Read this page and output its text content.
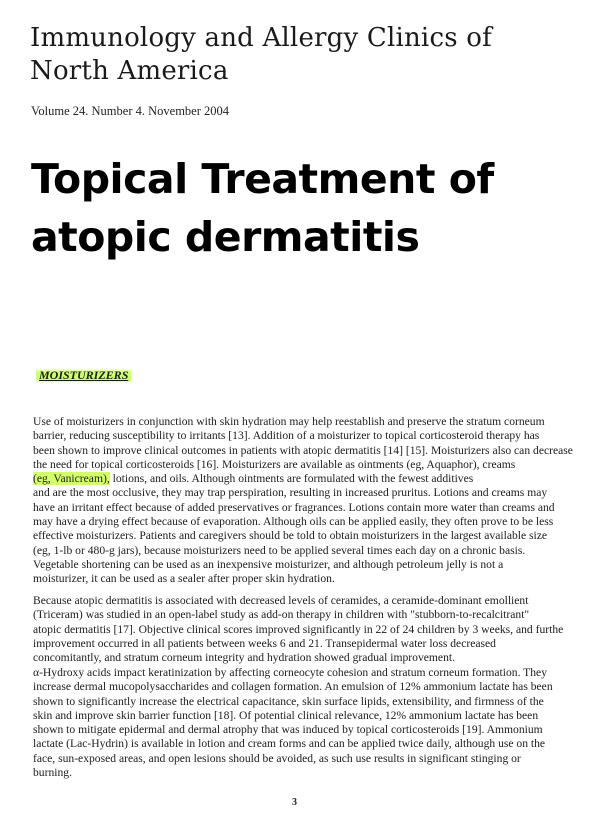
Immunology and Allergy Clinics of
North America
Volume 24. Number 4. November 2004
Topical Treatment of
atopic dermatitis
MOISTURIZERS
Use of moisturizers in conjunction with skin hydration may help reestablish and preserve the stratum corneum
barrier, reducing susceptibility to irritants [13]. Addition of a moisturizer to topical corticosteroid therapy has
been shown to improve clinical outcomes in patients with atopic dermatitis [14] [15]. Moisturizers also can decrease
the need for topical corticosteroids [16]. Moisturizers are available as ointments (eg, Aquaphor), creams
(eg, Vanicream), lotions, and oils. Although ointments are formulated with the fewest additives
and are the most occlusive, they may trap perspiration, resulting in increased pruritus. Lotions and creams may
have an irritant effect because of added preservatives or fragrances. Lotions contain more water than creams and
may have a drying effect because of evaporation. Although oils can be applied easily, they often prove to be less
effective moisturizers. Patients and caregivers should be told to obtain moisturizers in the largest available size
(eg, 1-lb or 480-g jars), because moisturizers need to be applied several times each day on a chronic basis.
Vegetable shortening can be used as an inexpensive moisturizer, and although petroleum jelly is not a
moisturizer, it can be used as a sealer after proper skin hydration.
Because atopic dermatitis is associated with decreased levels of ceramides, a ceramide-dominant emollient
(Triceram) was studied in an open-label study as add-on therapy in children with "stubborn-to-recalcitrant"
atopic dermatitis [17]. Objective clinical scores improved significantly in 22 of 24 children by 3 weeks, and furthe
improvement occurred in all patients between weeks 6 and 21. Transepidermal water loss decreased
concomitantly, and stratum corneum integrity and hydration showed gradual improvement.
α-Hydroxy acids impact keratinization by affecting corneocyte cohesion and stratum corneum formation. They
increase dermal mucopolysaccharides and collagen formation. An emulsion of 12% ammonium lactate has been
shown to significantly increase the electrical capacitance, skin surface lipids, extensibility, and firmness of the
skin and improve skin barrier function [18]. Of potential clinical relevance, 12% ammonium lactate has been
shown to mitigate epidermal and dermal atrophy that was induced by topical corticosteroids [19]. Ammonium
lactate (Lac-Hydrin) is available in lotion and cream forms and can be applied twice daily, although use on the
face, sun-exposed areas, and open lesions should be avoided, as such use results in significant stinging or
burning.
3
